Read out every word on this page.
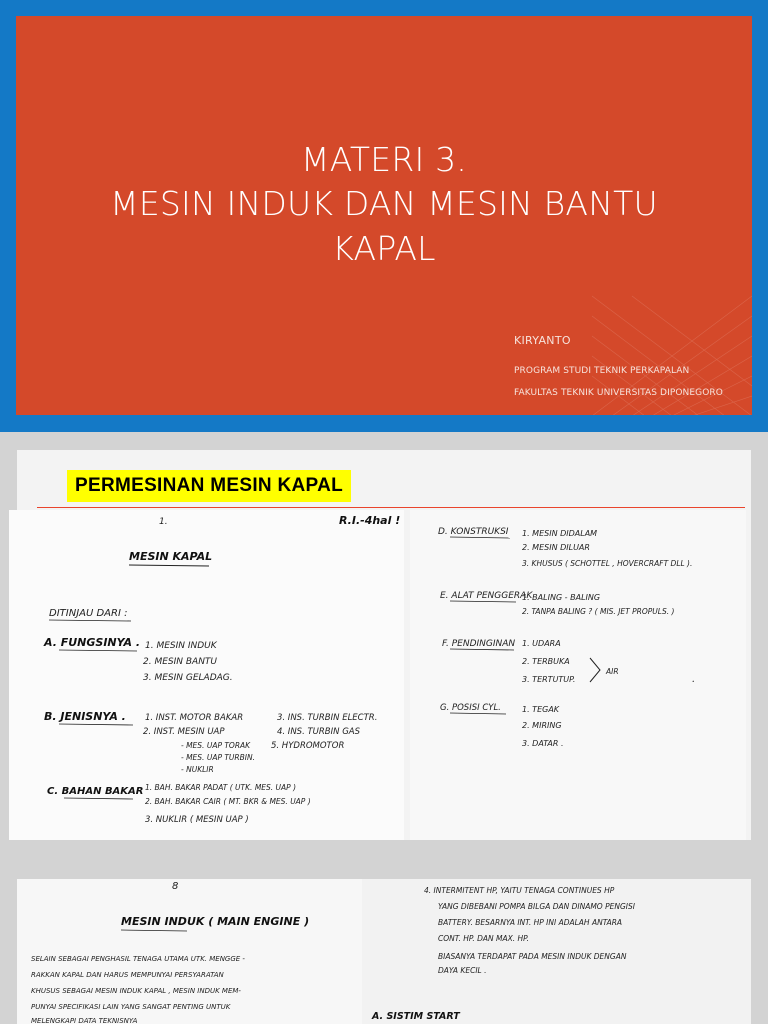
MATERI 3.
MESIN INDUK DAN MESIN BANTU
KAPAL
KIRYANTO
PROGRAM STUDI TEKNIK PERKAPALAN
FAKULTAS TEKNIK UNIVERSITAS DIPONEGORO
PERMESINAN MESIN KAPAL
1.	R.I.-4hal !
MESIN KAPAL
DITINJAU DARI :
A. FUNGSINYA . 1. MESIN INDUK
2. MESIN BANTU
3. MESIN GELADAG.
B. JENISNYA . 1. INST. MOTOR BAKAR
2. INST. MESIN UAP
- MES. UAP TORAK
- MES. UAP TURBIN.
- NUKLIR
3. INS. TURBIN ELECTR.
4. INS. TURBIN GAS
5. HYDROMOTOR
C. BAHAN BAKAR 1. BAH. BAKAR PADAT ( UTK. MES. UAP )
2. BAH. BAKAR CAIR ( MT. BKR & MES. UAP )
3. NUKLIR ( MESIN UAP )
D. KONSTRUKSI 1. MESIN DIDALAM
2. MESIN DILUAR
3. KHUSUS ( SCHOTTEL , HOVERCRAFT DLL ).
E. ALAT PENGGERAK
1. BALING - BALING
2. TANPA BALING ? ( MIS. JET PROPULS. )
F. PENDINGINAN 1. UDARA
2. TERBUKA
3. TERTUTUP.
AIR
.
G. POSISI CYL.	1. TEGAK
2. MIRING
3. DATAR .
8
MESIN INDUK ( MAIN ENGINE )
SELAIN SEBAGAI PENGHASIL TENAGA UTAMA UTK. MENGGE -
RAKKAN KAPAL DAN HARUS MEMPUNYAI PERSYARATAN
KHUSUS SEBAGAI MESIN INDUK KAPAL , MESIN INDUK MEM-
PUNYAI SPECIFIKASI LAIN YANG SANGAT PENTING UNTUK
MELENGKAPI DATA TEKNISNYA
4. INTERMITENT HP, YAITU TENAGA CONTINUES HP
YANG DIBEBANI POMPA BILGA DAN DINAMO PENGISI
BATTERY. BESARNYA INT. HP INI ADALAH ANTARA
CONT. HP. DAN MAX. HP.
BIASANYA TERDAPAT PADA MESIN INDUK DENGAN
DAYA KECIL .
A. SISTIM START
